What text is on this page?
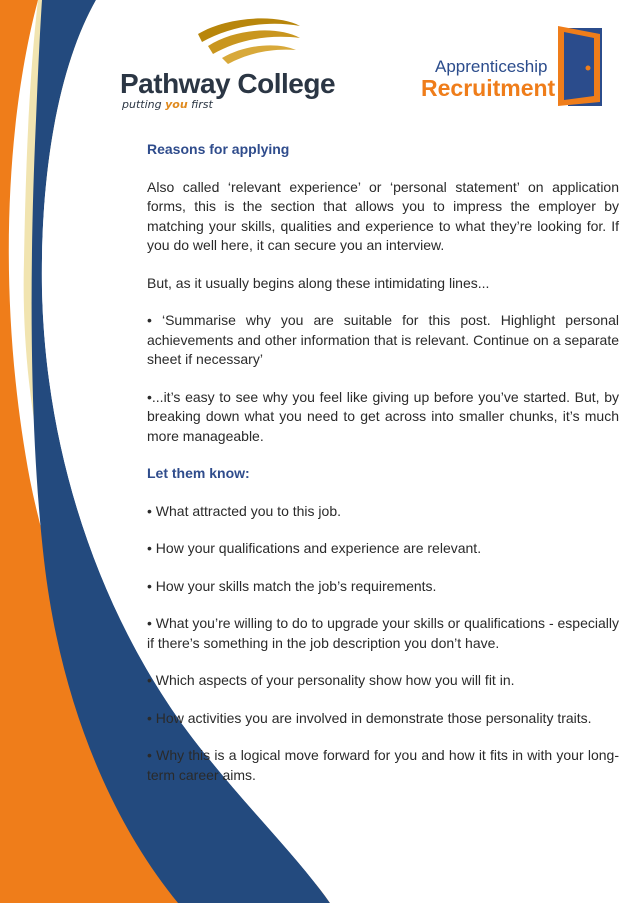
Pathway College
putting you first
Apprenticeship
Recruitment
Reasons for applying

Also called ‘relevant experience’ or ‘personal statement’ on application forms, this is the section that allows you to impress the employer by matching your skills, qualities and experience to what they’re looking for. If you do well here, it can secure you an interview.

But, as it usually begins along these intimidating lines...

• ‘Summarise why you are suitable for this post. Highlight personal achievements and other information that is relevant. Continue on a separate sheet if necessary’

•...it’s easy to see why you feel like giving up before you’ve started. But, by breaking down what you need to get across into smaller chunks, it’s much more manageable.

Let them know:

• What attracted you to this job.

• How your qualifications and experience are relevant.

• How your skills match the job’s requirements.

• What you’re willing to do to upgrade your skills or qualifications - especially if there’s something in the job description you don’t have.

• Which aspects of your personality show how you will fit in.

• How activities you are involved in demonstrate those personality traits.

• Why this is a logical move forward for you and how it fits in with your long-term career aims.
